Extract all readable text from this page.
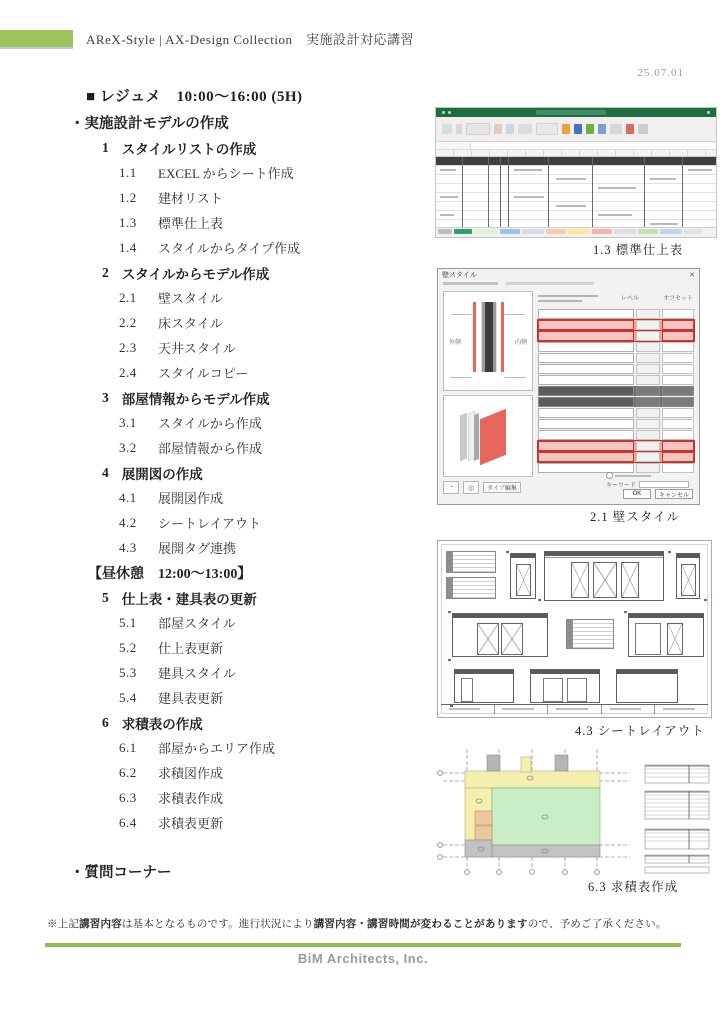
AReX-Style | AX-Design Collection　実施設計対応講習
25.07.01
■ レジュメ　10:00～16:00 (5H)
・実施設計モデルの作成
1 スタイルリストの作成
1.1	EXCEL からシート作成
1.2	建材リスト
1.3	標準仕上表
1.4	スタイルからタイプ作成
2 スタイルからモデル作成
2.1	壁スタイル
2.2	床スタイル
2.3	天井スタイル
2.4	スタイルコピー
3 部屋情報からモデル作成
3.1	スタイルから作成
3.2	部屋情報から作成
4 展開図の作成
4.1	展開図作成
4.2	シートレイアウト
4.3	展開タグ連携
【昼休憩　12:00～13:00】
5 仕上表・建具表の更新
5.1	部屋スタイル
5.2	仕上表更新
5.3	建具スタイル
5.4	建具表更新
6 求積表の作成
6.1	部屋からエリア作成
6.2	求積図作成
6.3	求積表作成
6.4	求積表更新
・質問コーナー
1.3 標準仕上表
壁スタイル	✕
外側	内側
レベル	オフセット
◔	◎	タイプ編集	キーワード
OK	キャンセル
2.1 壁スタイル
4.3 シートレイアウト
6.3 求積表作成
※上記講習内容は基本となるものです。進行状況により講習内容・講習時間が変わることがありますので、予めご了承ください。
BiM Architects, Inc.
